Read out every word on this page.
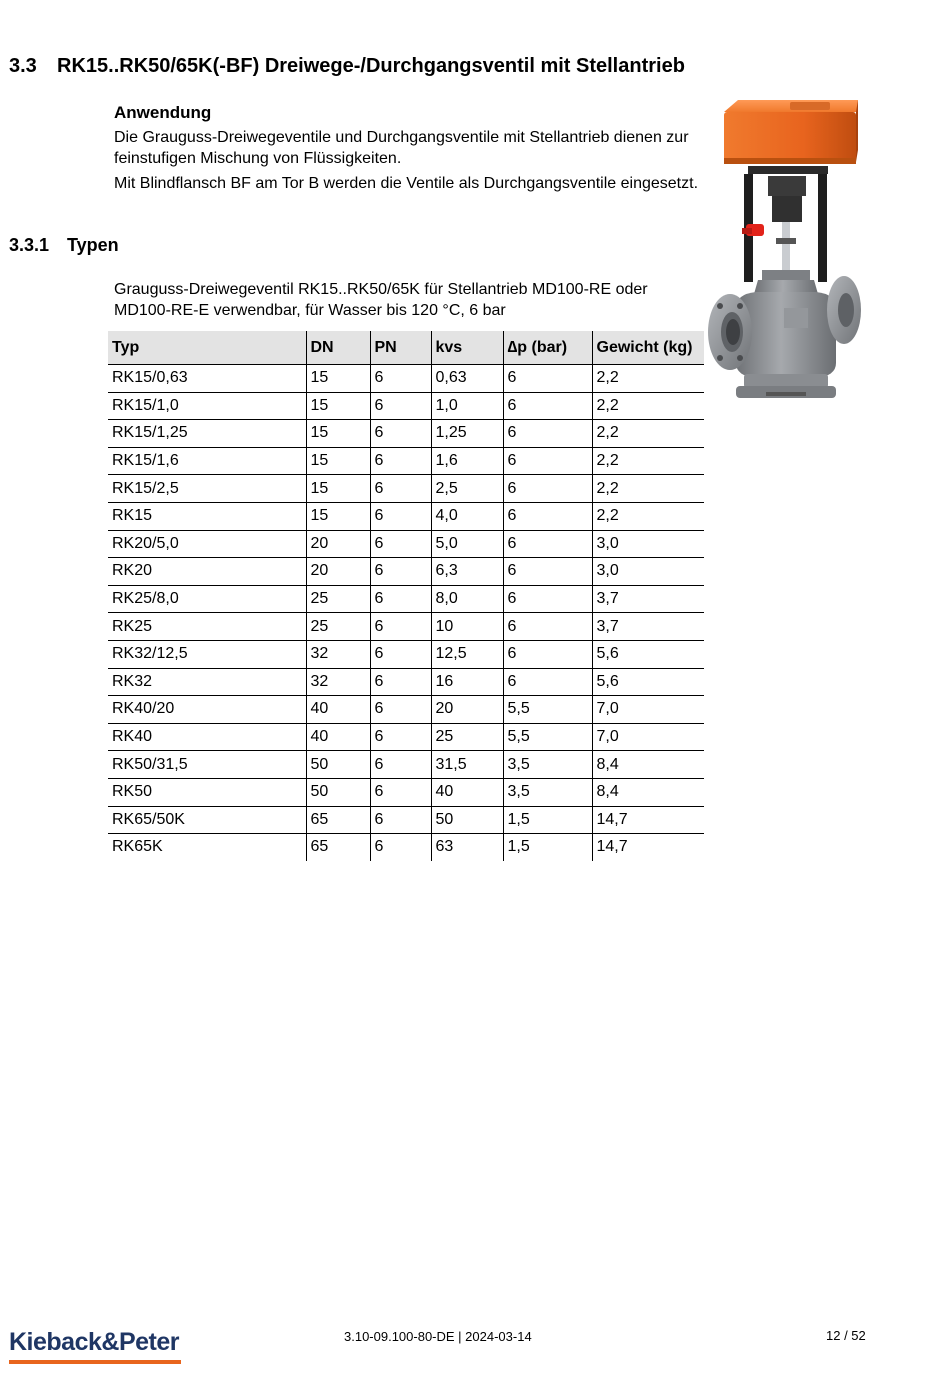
3.3 RK15..RK50/65K(-BF) Dreiwege-/Durchgangsventil mit Stellantrieb
Anwendung

Die Grauguss-Dreiwegeventile und Durchgangsventile mit Stellantrieb dienen zur feinstufigen Mischung von Flüssigkeiten.

Mit Blindflansch BF am Tor B werden die Ventile als Durchgangsventile eingesetzt.

3.3.1 Typen

Grauguss-Dreiwegeventil RK15..RK50/65K für Stellantrieb MD100-RE oder MD100-RE-E verwendbar, für Wasser bis 120 °C, 6 bar

Typ	DN	PN	kvs	∆p (bar)	Gewicht (kg)
RK15/0,63	15	6	0,63	6	2,2
RK15/1,0	15	6	1,0	6	2,2
RK15/1,25	15	6	1,25	6	2,2
RK15/1,6	15	6	1,6	6	2,2
RK15/2,5	15	6	2,5	6	2,2
RK15	15	6	4,0	6	2,2
RK20/5,0	20	6	5,0	6	3,0
RK20	20	6	6,3	6	3,0
RK25/8,0	25	6	8,0	6	3,7
RK25	25	6	10	6	3,7
RK32/12,5	32	6	12,5	6	5,6
RK32	32	6	16	6	5,6
RK40/20	40	6	20	5,5	7,0
RK40	40	6	25	5,5	7,0
RK50/31,5	50	6	31,5	3,5	8,4
RK50	50	6	40	3,5	8,4
RK65/50K	65	6	50	1,5	14,7
RK65K	65	6	63	1,5	14,7
Kieback&Peter	3.10-09.100-80-DE | 2024-03-14	12 / 52
